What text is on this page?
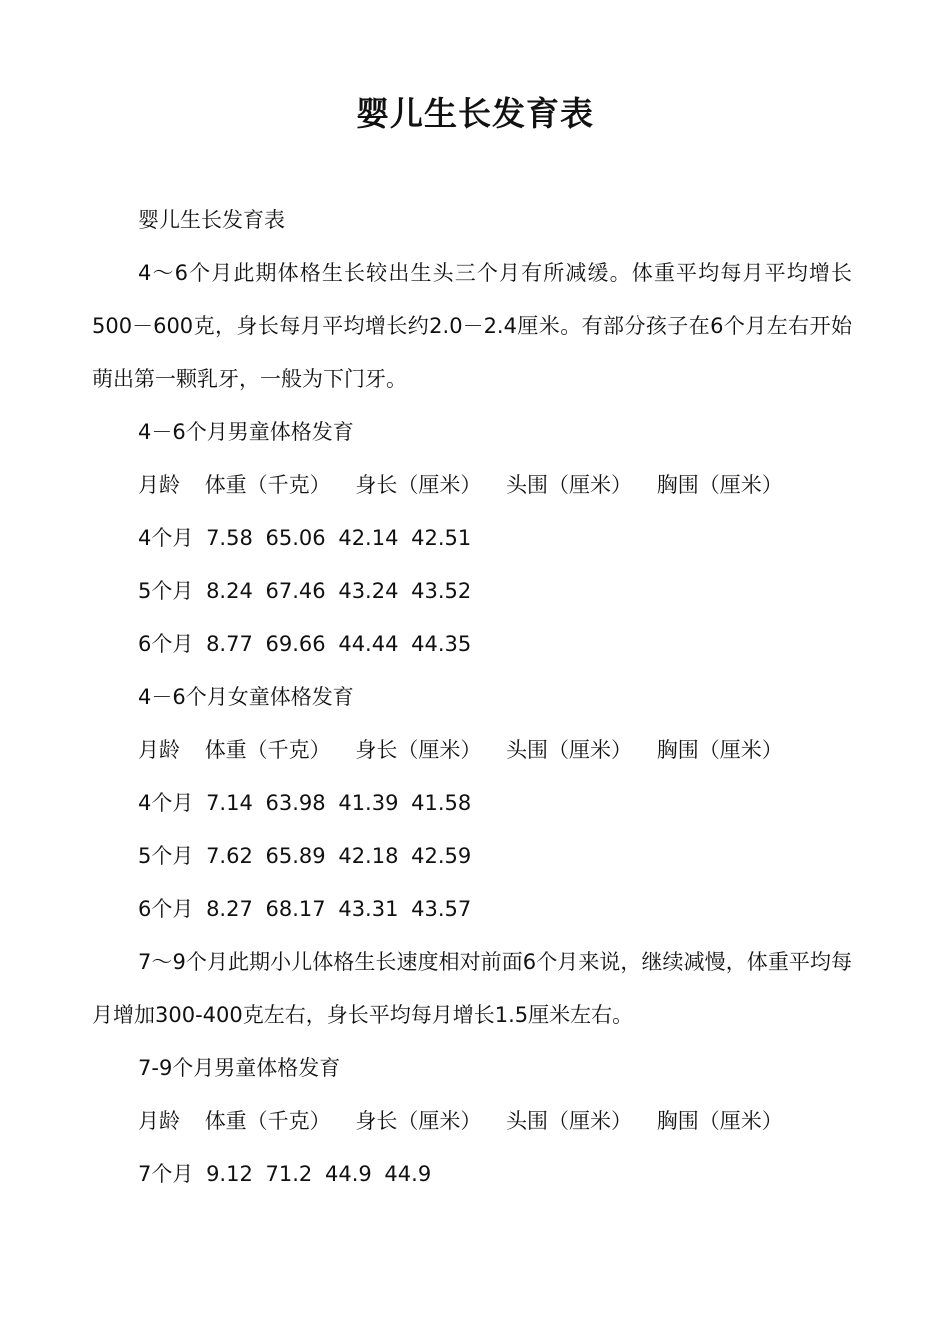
婴儿生长发育表

婴儿生长发育表

4～6个月此期体格生长较出生头三个月有所减缓。体重平均每月平均增长500－600克，身长每月平均增长约2.0－2.4厘米。有部分孩子在6个月左右开始萌出第一颗乳牙，一般为下门牙。

4－6个月男童体格发育

月龄 体重（千克） 身长（厘米） 头围（厘米） 胸围（厘米）

4个月 7.58 65.06 42.14 42.51

5个月 8.24 67.46 43.24 43.52

6个月 8.77 69.66 44.44 44.35

4－6个月女童体格发育

月龄 体重（千克） 身长（厘米） 头围（厘米） 胸围（厘米）

4个月 7.14 63.98 41.39 41.58

5个月 7.62 65.89 42.18 42.59

6个月 8.27 68.17 43.31 43.57

7～9个月此期小儿体格生长速度相对前面6个月来说，继续减慢，体重平均每月增加300-400克左右，身长平均每月增长1.5厘米左右。

7-9个月男童体格发育

月龄 体重（千克） 身长（厘米） 头围（厘米） 胸围（厘米）

7个月 9.12 71.2 44.9 44.9
